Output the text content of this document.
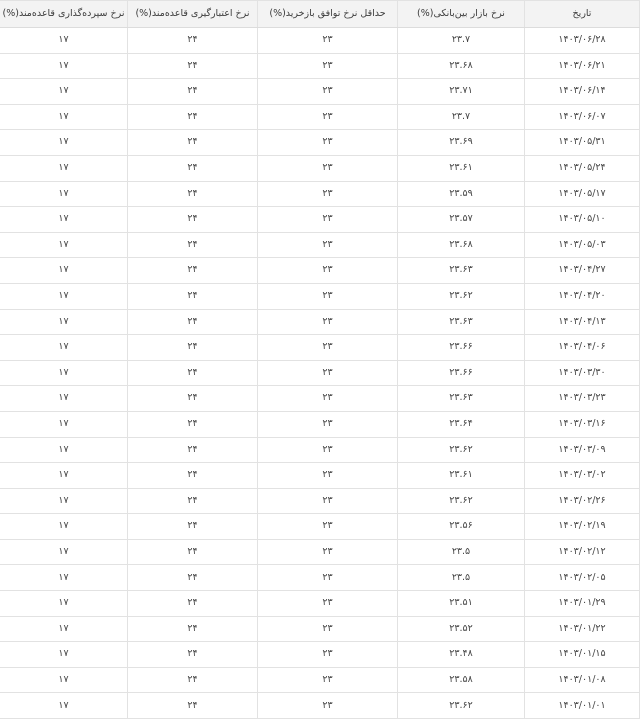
تاریخ	نرخ بازار بین‌بانکی(%)	حداقل نرخ توافق بازخرید(%)	نرخ اعتبارگیری قاعده‌مند(%)	نرخ سپرده‌گذاری قاعده‌مند(%)
۱۴۰۳/۰۶/۲۸	۲۳.۷	۲۳	۲۴	۱۷
۱۴۰۳/۰۶/۲۱	۲۳.۶۸	۲۳	۲۴	۱۷
۱۴۰۳/۰۶/۱۴	۲۳.۷۱	۲۳	۲۴	۱۷
۱۴۰۳/۰۶/۰۷	۲۳.۷	۲۳	۲۴	۱۷
۱۴۰۳/۰۵/۳۱	۲۳.۶۹	۲۳	۲۴	۱۷
۱۴۰۳/۰۵/۲۴	۲۳.۶۱	۲۳	۲۴	۱۷
۱۴۰۳/۰۵/۱۷	۲۳.۵۹	۲۳	۲۴	۱۷
۱۴۰۳/۰۵/۱۰	۲۳.۵۷	۲۳	۲۴	۱۷
۱۴۰۳/۰۵/۰۳	۲۳.۶۸	۲۳	۲۴	۱۷
۱۴۰۳/۰۴/۲۷	۲۳.۶۳	۲۳	۲۴	۱۷
۱۴۰۳/۰۴/۲۰	۲۳.۶۲	۲۳	۲۴	۱۷
۱۴۰۳/۰۴/۱۳	۲۳.۶۳	۲۳	۲۴	۱۷
۱۴۰۳/۰۴/۰۶	۲۳.۶۶	۲۳	۲۴	۱۷
۱۴۰۳/۰۳/۳۰	۲۳.۶۶	۲۳	۲۴	۱۷
۱۴۰۳/۰۳/۲۳	۲۳.۶۳	۲۳	۲۴	۱۷
۱۴۰۳/۰۳/۱۶	۲۳.۶۴	۲۳	۲۴	۱۷
۱۴۰۳/۰۳/۰۹	۲۳.۶۲	۲۳	۲۴	۱۷
۱۴۰۳/۰۳/۰۲	۲۳.۶۱	۲۳	۲۴	۱۷
۱۴۰۳/۰۲/۲۶	۲۳.۶۲	۲۳	۲۴	۱۷
۱۴۰۳/۰۲/۱۹	۲۳.۵۶	۲۳	۲۴	۱۷
۱۴۰۳/۰۲/۱۲	۲۳.۵	۲۳	۲۴	۱۷
۱۴۰۳/۰۲/۰۵	۲۳.۵	۲۳	۲۴	۱۷
۱۴۰۳/۰۱/۲۹	۲۳.۵۱	۲۳	۲۴	۱۷
۱۴۰۳/۰۱/۲۲	۲۳.۵۲	۲۳	۲۴	۱۷
۱۴۰۳/۰۱/۱۵	۲۳.۴۸	۲۳	۲۴	۱۷
۱۴۰۳/۰۱/۰۸	۲۳.۵۸	۲۳	۲۴	۱۷
۱۴۰۳/۰۱/۰۱	۲۳.۶۲	۲۳	۲۴	۱۷
